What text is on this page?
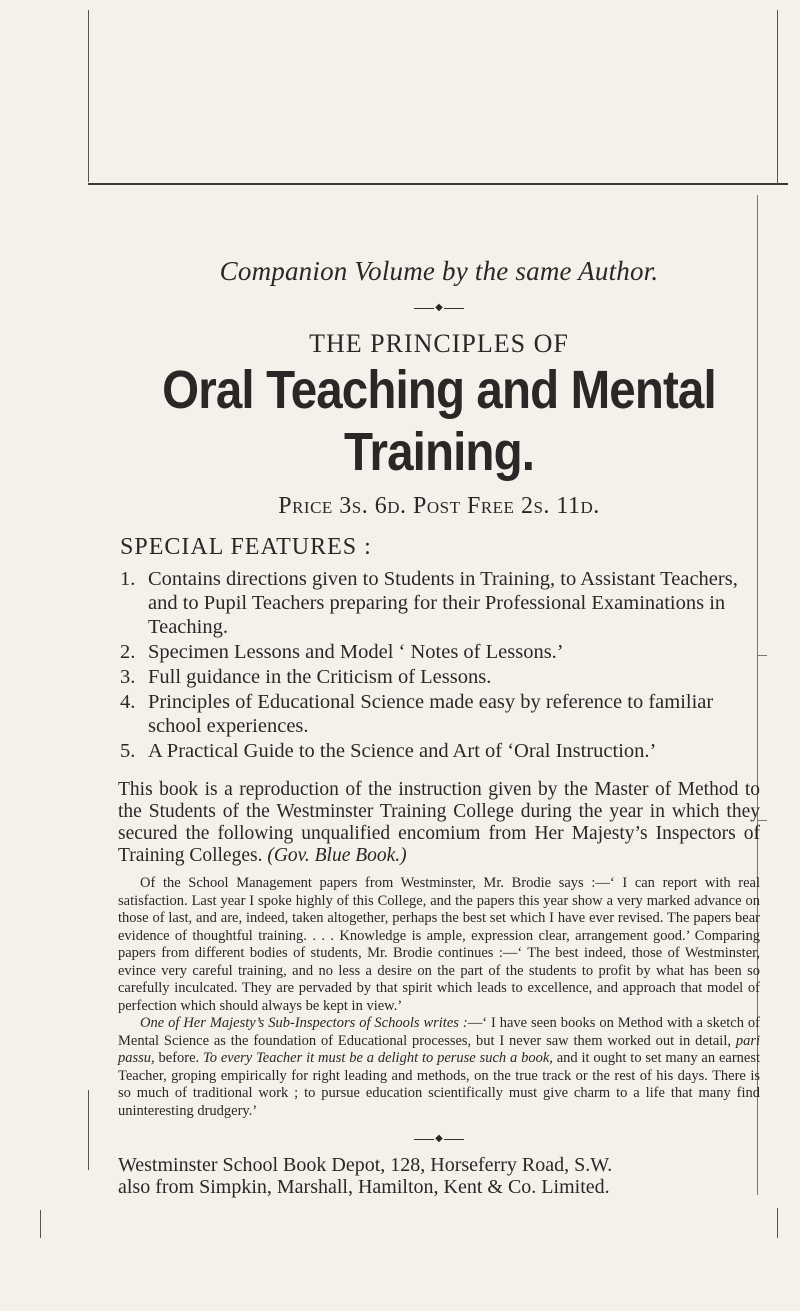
Companion Volume by the same Author.
◆
THE PRINCIPLES OF
Oral Teaching and Mental Training.
Price 3s. 6d. Post Free 2s. 11d.
SPECIAL FEATURES :
1. Contains directions given to Students in Training, to Assistant Teachers, and to Pupil Teachers preparing for their Professional Examinations in Teaching.
2. Specimen Lessons and Model ‘ Notes of Lessons.’
3. Full guidance in the Criticism of Lessons.
4. Principles of Educational Science made easy by reference to familiar school experiences.
5. A Practical Guide to the Science and Art of ‘Oral Instruction.’
This book is a reproduction of the instruction given by the Master of Method to the Students of the Westminster Training College during the year in which they secured the following unqualified encomium from Her Majesty’s Inspectors of Training Colleges. (Gov. Blue Book.)

Of the School Management papers from Westminster, Mr. Brodie says :—‘ I can report with real satisfaction. Last year I spoke highly of this College, and the papers this year show a very marked advance on those of last, and are, indeed, taken altogether, perhaps the best set which I have ever revised. The papers bear evidence of thoughtful training. . . . Knowledge is ample, expression clear, arrangement good.’ Comparing papers from different bodies of students, Mr. Brodie continues :—‘ The best indeed, those of Westminster, evince very careful training, and no less a desire on the part of the students to profit by what has been so carefully inculcated. They are pervaded by that spirit which leads to excellence, and approach that model of perfection which should always be kept in view.’

One of Her Majesty’s Sub-Inspectors of Schools writes :—‘ I have seen books on Method with a sketch of Mental Science as the foundation of Educational processes, but I never saw them worked out in detail, pari passu, before. To every Teacher it must be a delight to peruse such a book, and it ought to set many an earnest Teacher, groping empirically for right leading and methods, on the true track or the rest of his days. There is so much of traditional work ; to pursue education scientifically must give charm to a life that many find uninteresting drudgery.’

◆
Westminster School Book Depot, 128, Horseferry Road, S.W.
also from Simpkin, Marshall, Hamilton, Kent & Co. Limited.
